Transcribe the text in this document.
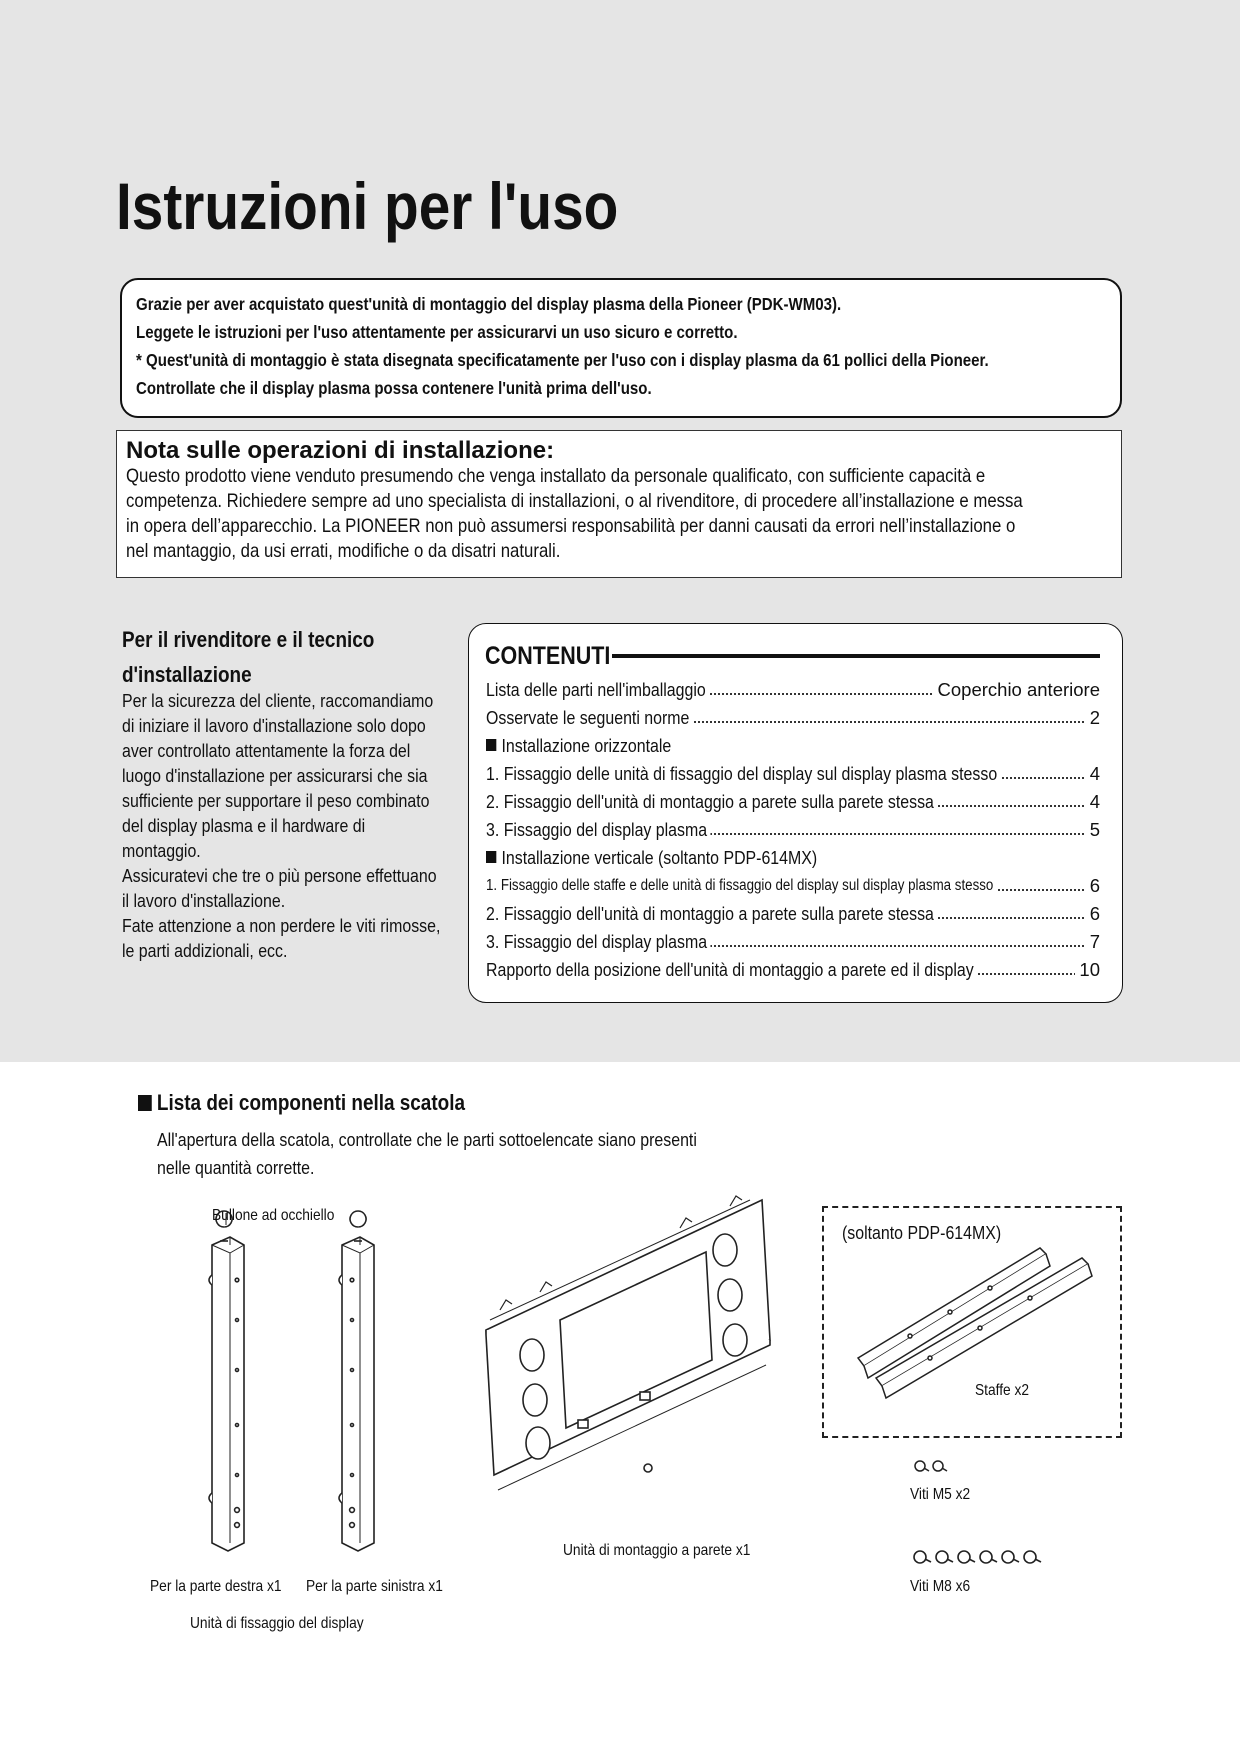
Istruzioni per l'uso
Grazie per aver acquistato quest'unità di montaggio del display plasma della Pioneer (PDK-WM03).
Leggete le istruzioni per l'uso attentamente per assicurarvi un uso sicuro e corretto.
* Quest'unità di montaggio è stata disegnata specificatamente per l'uso con i display plasma da 61 pollici della Pioneer.
Controllate che il display plasma possa contenere l'unità prima dell'uso.
Nota sulle operazioni di installazione:
Questo prodotto viene venduto presumendo che venga installato da personale qualificato, con sufficiente capacità e
competenza. Richiedere sempre ad uno specialista di installazioni, o al rivenditore, di procedere all’installazione e messa
in opera dell’apparecchio. La PIONEER non può assumersi responsabilità per danni causati da errori nell’installazione o
nel mantaggio, da usi errati, modifiche o da disatri naturali.
Per il rivenditore e il tecnico
d'installazione
Per la sicurezza del cliente, raccomandiamo
di iniziare il lavoro d'installazione solo dopo
aver controllato attentamente la forza del
luogo d'installazione per assicurarsi che sia
sufficiente per supportare il peso combinato
del display plasma e il hardware di
montaggio.
Assicuratevi che tre o più persone effettuano
il lavoro d'installazione.
Fate attenzione a non perdere le viti rimosse,
le parti addizionali, ecc.
CONTENUTI
Lista delle parti nell'imballaggio	Coperchio anteriore
Osservate le seguenti norme	2
Installazione orizzontale
1. Fissaggio delle unità di fissaggio del display sul display plasma stesso	4
2. Fissaggio dell'unità di montaggio a parete sulla parete stessa	4
3. Fissaggio del display plasma	5
Installazione verticale (soltanto PDP-614MX)
1. Fissaggio delle staffe e delle unità di fissaggio del display sul display plasma stesso	6
2. Fissaggio dell'unità di montaggio a parete sulla parete stessa	6
3. Fissaggio del display plasma	7
Rapporto della posizione dell'unità di montaggio a parete ed il display	10
Lista dei componenti nella scatola
All'apertura della scatola, controllate che le parti sottoelencate siano presenti
nelle quantità corrette.
Bullone ad occhiello
Per la parte destra x1 Per la parte sinistra x1
Unità di fissaggio del display
Unità di montaggio a parete x1
(soltanto PDP-614MX)
Staffe x2
Viti M5 x2
Viti M8 x6
